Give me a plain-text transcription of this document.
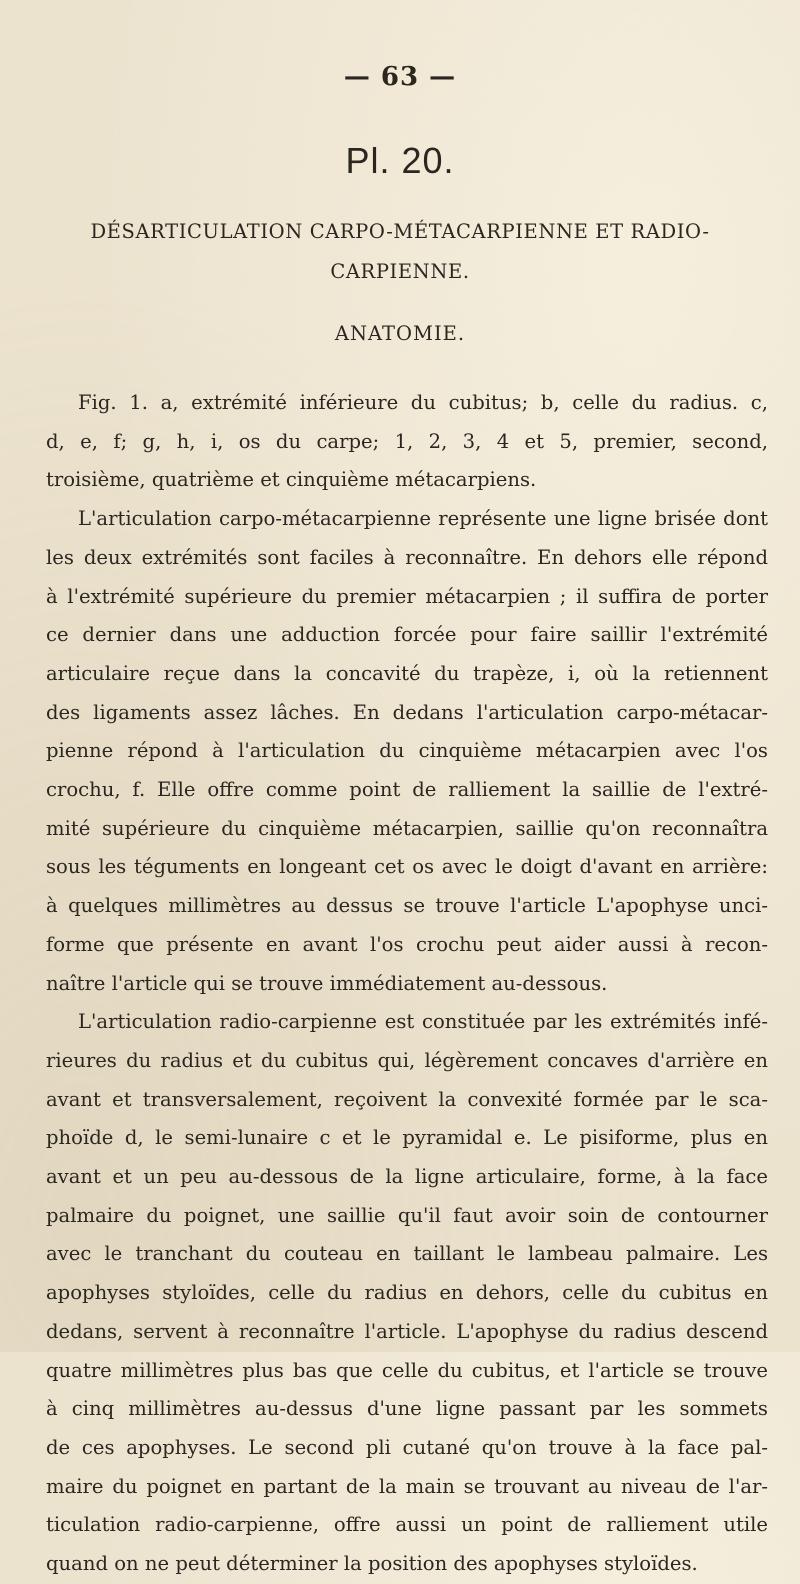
— 63 —
Pl. 20.
DÉSARTICULATION CARPO-MÉTACARPIENNE ET RADIO-
CARPIENNE.
ANATOMIE.
Fig. 1. a, extrémité inférieure du cubitus; b, celle du radius. c,
d, e, f; g, h, i, os du carpe; 1, 2, 3, 4 et 5, premier, second,
troisième, quatrième et cinquième métacarpiens.
L'articulation carpo-métacarpienne représente une ligne brisée dont
les deux extrémités sont faciles à reconnaître. En dehors elle répond
à l'extrémité supérieure du premier métacarpien ; il suffira de porter
ce dernier dans une adduction forcée pour faire saillir l'extrémité
articulaire reçue dans la concavité du trapèze, i, où la retiennent
des ligaments assez lâches. En dedans l'articulation carpo-métacar-
pienne répond à l'articulation du cinquième métacarpien avec l'os
crochu, f. Elle offre comme point de ralliement la saillie de l'extré-
mité supérieure du cinquième métacarpien, saillie qu'on reconnaîtra
sous les téguments en longeant cet os avec le doigt d'avant en arrière:
à quelques millimètres au dessus se trouve l'article L'apophyse unci-
forme que présente en avant l'os crochu peut aider aussi à recon-
naître l'article qui se trouve immédiatement au-dessous.
L'articulation radio-carpienne est constituée par les extrémités infé-
rieures du radius et du cubitus qui, légèrement concaves d'arrière en
avant et transversalement, reçoivent la convexité formée par le sca-
phoïde d, le semi-lunaire c et le pyramidal e. Le pisiforme, plus en
avant et un peu au-dessous de la ligne articulaire, forme, à la face
palmaire du poignet, une saillie qu'il faut avoir soin de contourner
avec le tranchant du couteau en taillant le lambeau palmaire. Les
apophyses styloïdes, celle du radius en dehors, celle du cubitus en
dedans, servent à reconnaître l'article. L'apophyse du radius descend
quatre millimètres plus bas que celle du cubitus, et l'article se trouve
à cinq millimètres au-dessus d'une ligne passant par les sommets
de ces apophyses. Le second pli cutané qu'on trouve à la face pal-
maire du poignet en partant de la main se trouvant au niveau de l'ar-
ticulation radio-carpienne, offre aussi un point de ralliement utile
quand on ne peut déterminer la position des apophyses styloïdes.
